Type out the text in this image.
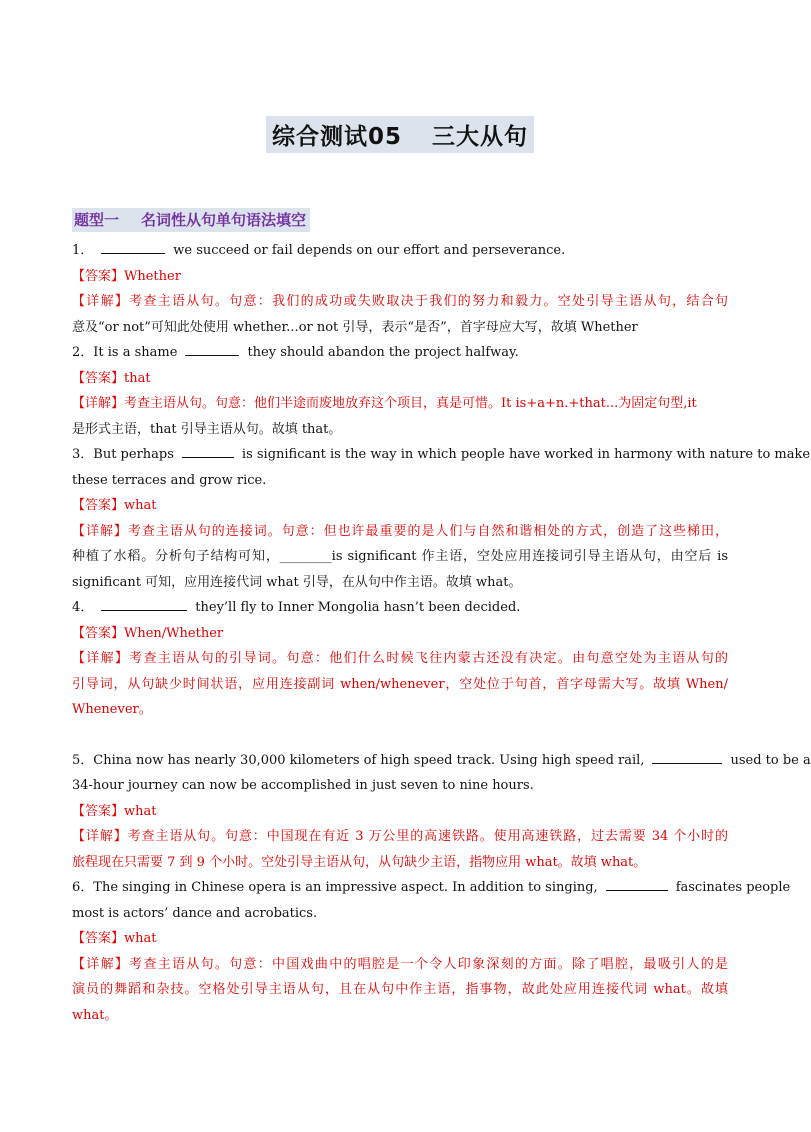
综合测试05 三大从句
题型一 名词性从句单句语法填空
1．	we succeed or fail depends on our effort and perseverance.
【答案】Whether
【详解】考查主语从句。句意：我们的成功或失败取决于我们的努力和毅力。空处引导主语从句，结合句
意及“or not”可知此处使用 whether...or not 引导，表示“是否”，首字母应大写，故填 Whether
2．It is a shame	they should abandon the project halfway.
【答案】that
【详解】考查主语从句。句意：他们半途而废地放弃这个项目，真是可惜。It is+a+n.+that...为固定句型,it
是形式主语，that 引导主语从句。故填 that。
3．But perhaps	is significant is the way in which people have worked in harmony with nature to make
these terraces and grow rice.
【答案】what
【详解】考查主语从句的连接词。句意：但也许最重要的是人们与自然和谐相处的方式，创造了这些梯田，
种植了水稻。分析句子结构可知，________is significant 作主语，空处应用连接词引导主语从句，由空后 is
significant 可知，应用连接代词 what 引导，在从句中作主语。故填 what。
4．	they’ll fly to Inner Mongolia hasn’t been decided.
【答案】When/Whether
【详解】考查主语从句的引导词。句意：他们什么时候飞往内蒙古还没有决定。由句意空处为主语从句的
引导词，从句缺少时间状语，应用连接副词 when/whenever，空处位于句首，首字母需大写。故填 When/
Whenever。
5．China now has nearly 30,000 kilometers of high speed track. Using high speed rail,	used to be a
34-hour journey can now be accomplished in just seven to nine hours.
【答案】what
【详解】考查主语从句。句意：中国现在有近 3 万公里的高速铁路。使用高速铁路，过去需要 34 个小时的
旅程现在只需要 7 到 9 个小时。空处引导主语从句，从句缺少主语，指物应用 what。故填 what。
6．The singing in Chinese opera is an impressive aspect. In addition to singing,	fascinates people
most is actors’ dance and acrobatics.
【答案】what
【详解】考查主语从句。句意：中国戏曲中的唱腔是一个令人印象深刻的方面。除了唱腔，最吸引人的是
演员的舞蹈和杂技。空格处引导主语从句，且在从句中作主语，指事物，故此处应用连接代词 what。故填
what。
